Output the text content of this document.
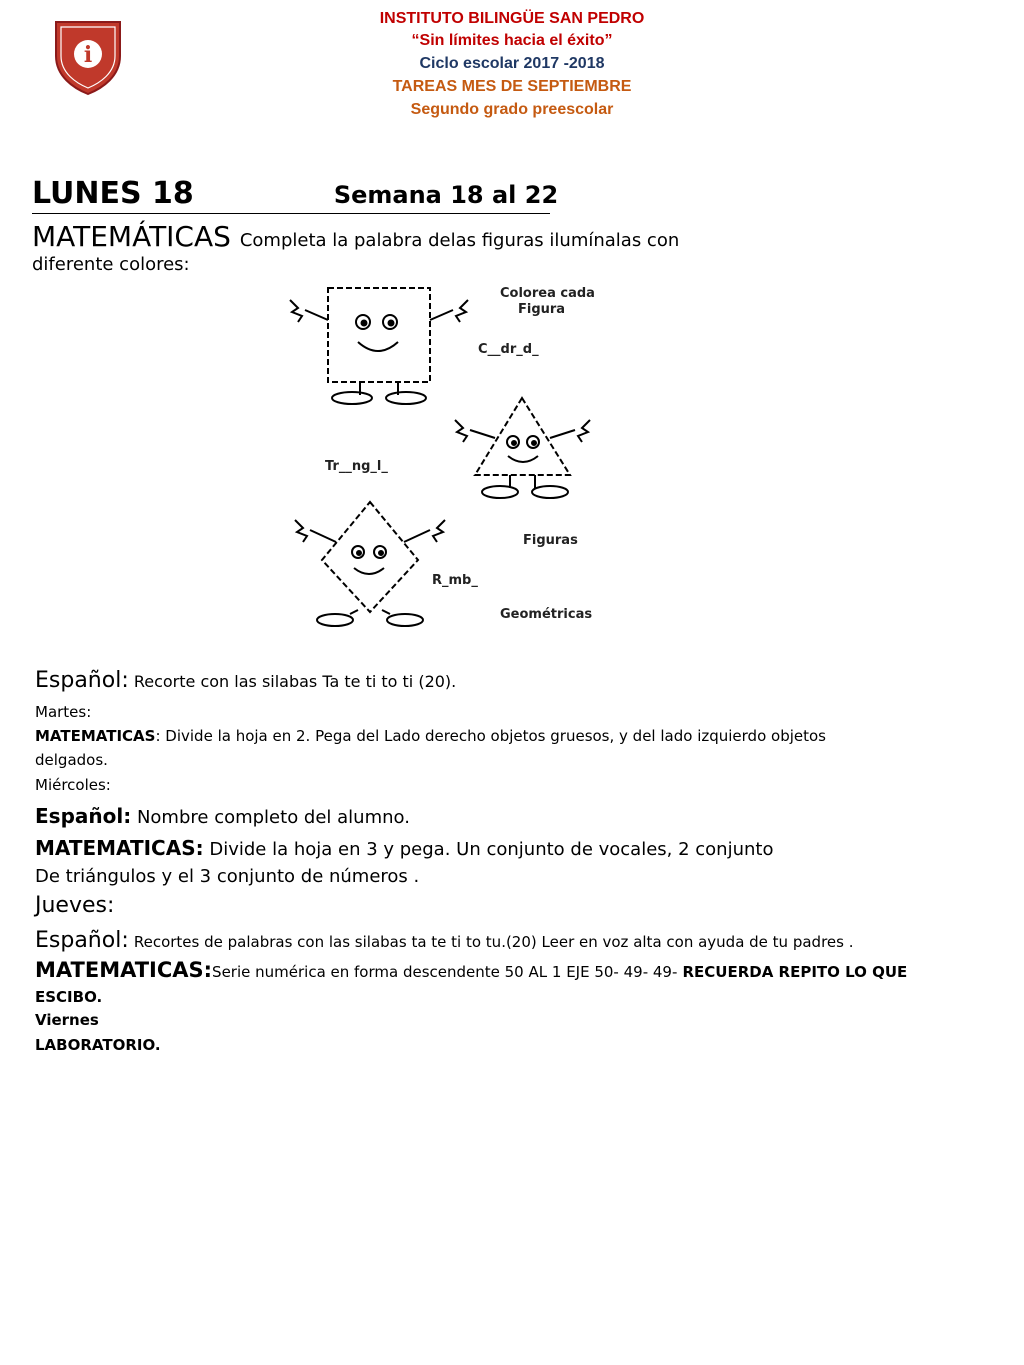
i
INSTITUTO BILINGÜE SAN PEDRO
“Sin límites hacia el éxito”
Ciclo escolar 2017 -2018
TAREAS MES DE SEPTIEMBRE
Segundo grado preescolar
LUNES 18	Semana 18 al 22
MATEMÁTICAS Completa la palabra delas figuras ilumínalas con
diferente colores:
Colorea cada
Figura
C__dr_d_
Tr__ng_l_
Figuras
R_mb_
Geométricas
Español: Recorte con las silabas Ta te ti to ti (20).
Martes:
MATEMATICAS: Divide la hoja en 2. Pega del Lado derecho objetos gruesos, y del lado izquierdo objetos
delgados.
Miércoles:
Español: Nombre completo del alumno.
MATEMATICAS: Divide la hoja en 3 y pega. Un conjunto de vocales, 2 conjunto
De triángulos y el 3 conjunto de números .
Jueves:
Español: Recortes de palabras con las silabas ta te ti to tu.(20) Leer en voz alta con ayuda de tu padres .
MATEMATICAS:Serie numérica en forma descendente 50 AL 1 EJE 50- 49- 49- RECUERDA REPITO LO QUE
ESCIBO.
Viernes
LABORATORIO.
